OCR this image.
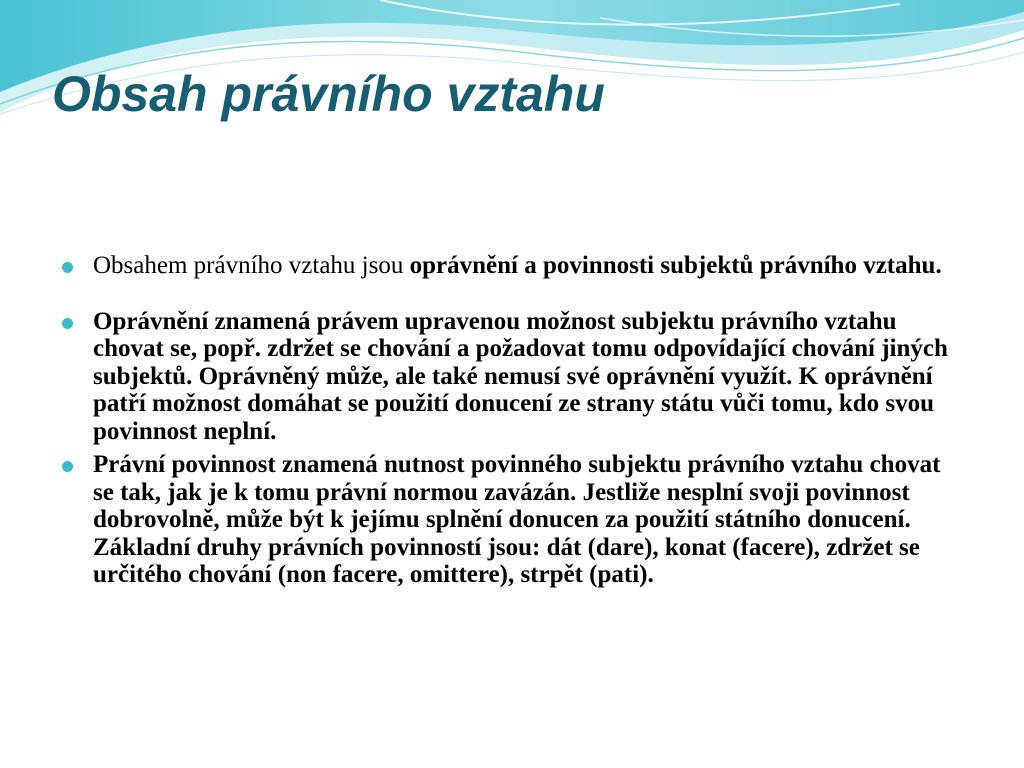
Obsah právního vztahu
Obsahem právního vztahu jsou oprávnění a povinnosti subjektů právního vztahu.
Oprávnění znamená právem upravenou možnost subjektu právního vztahu chovat se, popř. zdržet se chování a požadovat tomu odpovídající chování jiných subjektů. Oprávněný může, ale také nemusí své oprávnění využít. K oprávnění patří možnost domáhat se použití donucení ze strany státu vůči tomu, kdo svou povinnost neplní.
Právní povinnost znamená nutnost povinného subjektu právního vztahu chovat se tak, jak je k tomu právní normou zavázán. Jestliže nesplní svoji povinnost dobrovolně, může být k jejímu splnění donucen za použití státního donucení. Základní druhy právních povinností jsou: dát (dare), konat (facere), zdržet se určitého chování (non facere, omittere), strpět (pati).
